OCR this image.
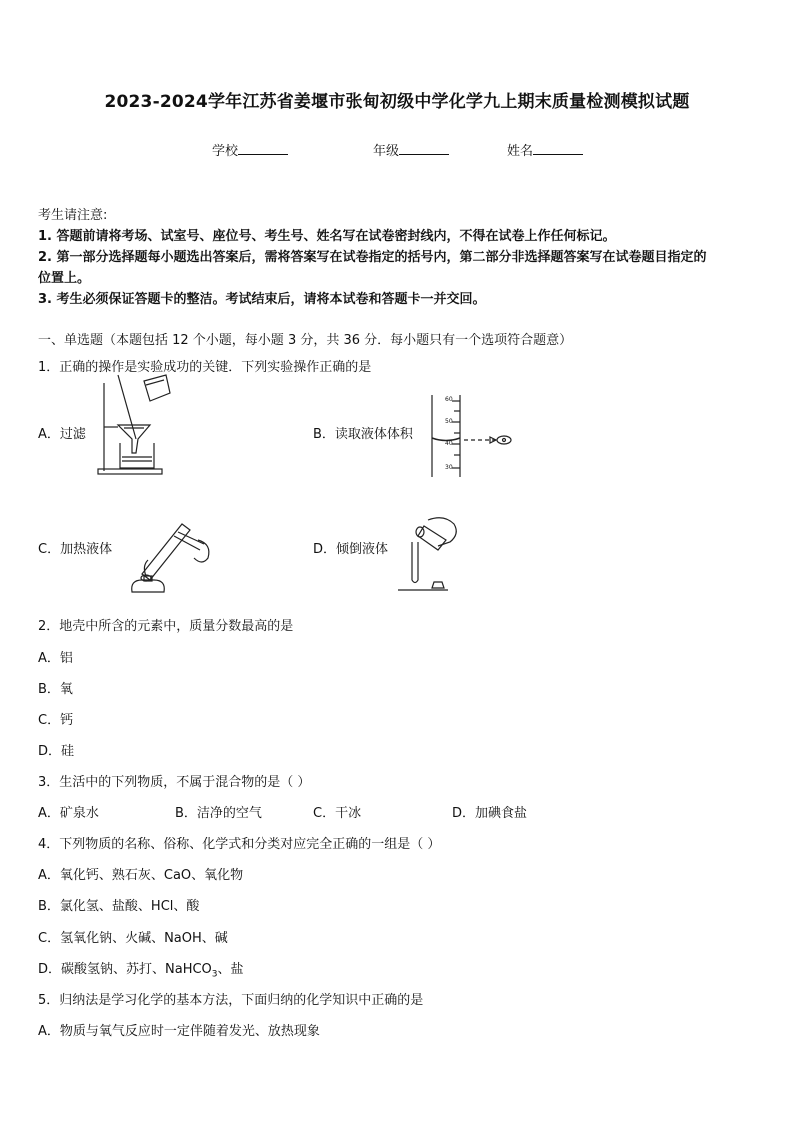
2023-2024学年江苏省姜堰市张甸初级中学化学九上期末质量检测模拟试题
学校	年级	姓名
考生请注意:
1. 答题前请将考场、试室号、座位号、考生号、姓名写在试卷密封线内，不得在试卷上作任何标记。
2. 第一部分选择题每小题选出答案后，需将答案写在试卷指定的括号内，第二部分非选择题答案写在试卷题目指定的
位置上。
3. 考生必须保证答题卡的整洁。考试结束后，请将本试卷和答题卡一并交回。
一、单选题（本题包括 12 个小题，每小题 3 分，共 36 分．每小题只有一个选项符合题意）
1．正确的操作是实验成功的关键．下列实验操作正确的是
A．过滤	B．读取液体体积
60
50
40
30
C．加热液体	D．倾倒液体
2．地壳中所含的元素中，质量分数最高的是
A．铝
B．氧
C．钙
D．硅
3．生活中的下列物质，不属于混合物的是（ ）
A．矿泉水	B．洁净的空气	C．干冰	D．加碘食盐
4．下列物质的名称、俗称、化学式和分类对应完全正确的一组是（ ）
A．氧化钙、熟石灰、CaO、氧化物
B．氯化氢、盐酸、HCl、酸
C．氢氧化钠、火碱、NaOH、碱
D．碳酸氢钠、苏打、NaHCO$_3$、盐
5．归纳法是学习化学的基本方法，下面归纳的化学知识中正确的是
A．物质与氧气反应时一定伴随着发光、放热现象
